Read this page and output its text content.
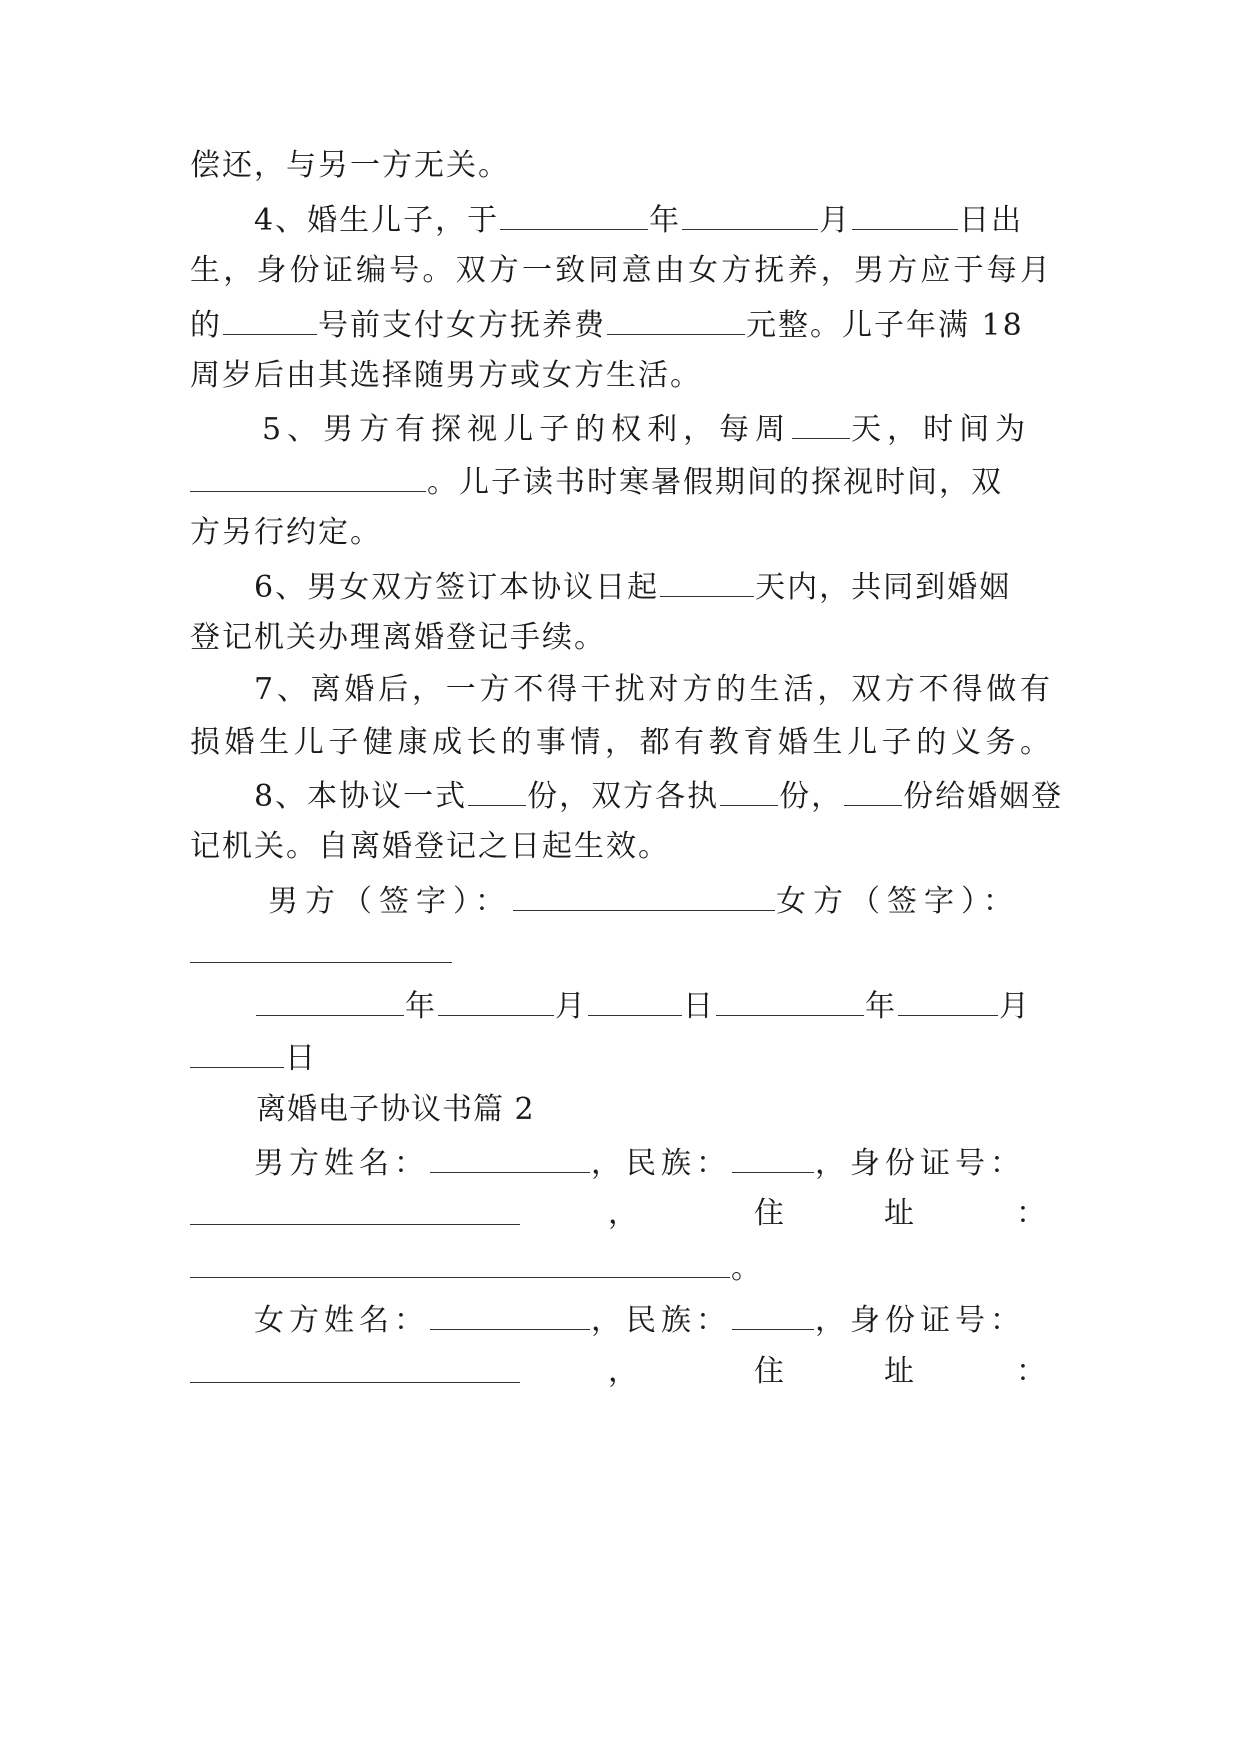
偿还，与另一方无关。
4、婚生儿子，于	年	月	日出
生，身份证编号。双方一致同意由女方抚养，男方应于每月
的	号前支付女方抚养费	元整。儿子年满 18
周岁后由其选择随男方或女方生活。
5、男方有探视儿子的权利，每周 天，时间为
。儿子读书时寒暑假期间的探视时间，双
方另行约定。
6、男女双方签订本协议日起	天内，共同到婚姻
登记机关办理离婚登记手续。
7、离婚后，一方不得干扰对方的生活，双方不得做有
损婚生儿子健康成长的事情，都有教育婚生儿子的义务。
8、本协议一式 份，双方各执 份， 份给婚姻登
记机关。自离婚登记之日起生效。
男方（签字）：	女方（签字）：
年	月	日	年	月
日
离婚电子协议书篇 2
男方姓名：	，民族：	，身份证号：
，	住	址	：
。
女方姓名：	，民族：	，身份证号：
，	住	址	：
